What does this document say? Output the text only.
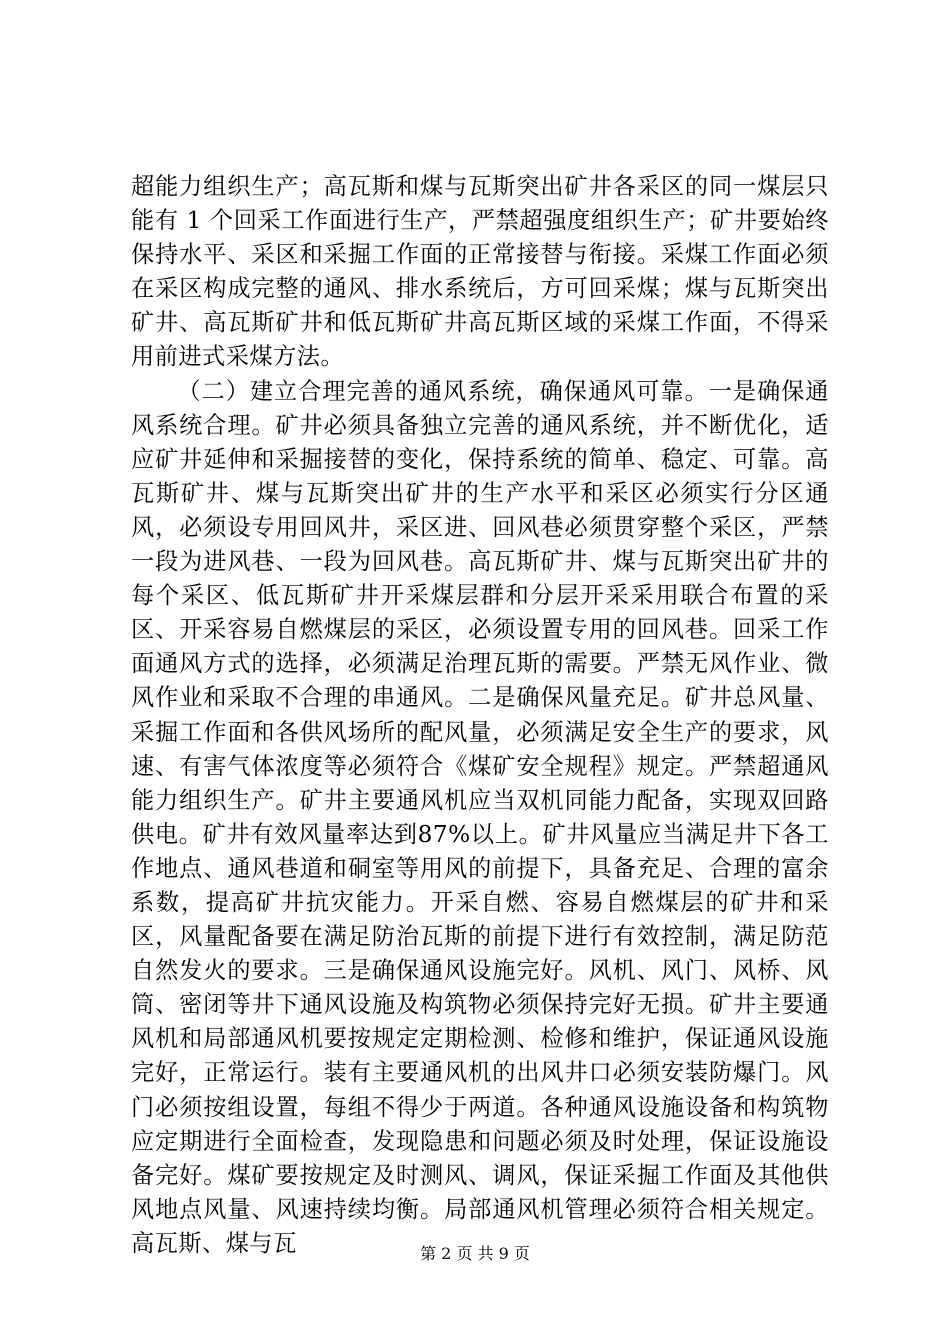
超能力组织生产；高瓦斯和煤与瓦斯突出矿井各采区的同一煤层只能有 1 个回采工作面进行生产，严禁超强度组织生产；矿井要始终保持水平、采区和采掘工作面的正常接替与衔接。采煤工作面必须在采区构成完整的通风、排水系统后，方可回采煤；煤与瓦斯突出矿井、高瓦斯矿井和低瓦斯矿井高瓦斯区域的采煤工作面，不得采用前进式采煤方法。

（二）建立合理完善的通风系统，确保通风可靠。一是确保通风系统合理。矿井必须具备独立完善的通风系统，并不断优化，适应矿井延伸和采掘接替的变化，保持系统的简单、稳定、可靠。高瓦斯矿井、煤与瓦斯突出矿井的生产水平和采区必须实行分区通风，必须设专用回风井，采区进、回风巷必须贯穿整个采区，严禁一段为进风巷、一段为回风巷。高瓦斯矿井、煤与瓦斯突出矿井的每个采区、低瓦斯矿井开采煤层群和分层开采采用联合布置的采区、开采容易自燃煤层的采区，必须设置专用的回风巷。回采工作面通风方式的选择，必须满足治理瓦斯的需要。严禁无风作业、微风作业和采取不合理的串通风。二是确保风量充足。矿井总风量、采掘工作面和各供风场所的配风量，必须满足安全生产的要求，风速、有害气体浓度等必须符合《煤矿安全规程》规定。严禁超通风能力组织生产。矿井主要通风机应当双机同能力配备，实现双回路供电。矿井有效风量率达到87%以上。矿井风量应当满足井下各工作地点、通风巷道和硐室等用风的前提下，具备充足、合理的富余系数，提高矿井抗灾能力。开采自燃、容易自燃煤层的矿井和采区，风量配备要在满足防治瓦斯的前提下进行有效控制，满足防范自然发火的要求。三是确保通风设施完好。风机、风门、风桥、风筒、密闭等井下通风设施及构筑物必须保持完好无损。矿井主要通风机和局部通风机要按规定定期检测、检修和维护，保证通风设施完好，正常运行。装有主要通风机的出风井口必须安装防爆门。风门必须按组设置，每组不得少于两道。各种通风设施设备和构筑物应定期进行全面检查，发现隐患和问题必须及时处理，保证设施设备完好。煤矿要按规定及时测风、调风，保证采掘工作面及其他供风地点风量、风速持续均衡。局部通风机管理必须符合相关规定。高瓦斯、煤与瓦	第 2 页 共 9 页
